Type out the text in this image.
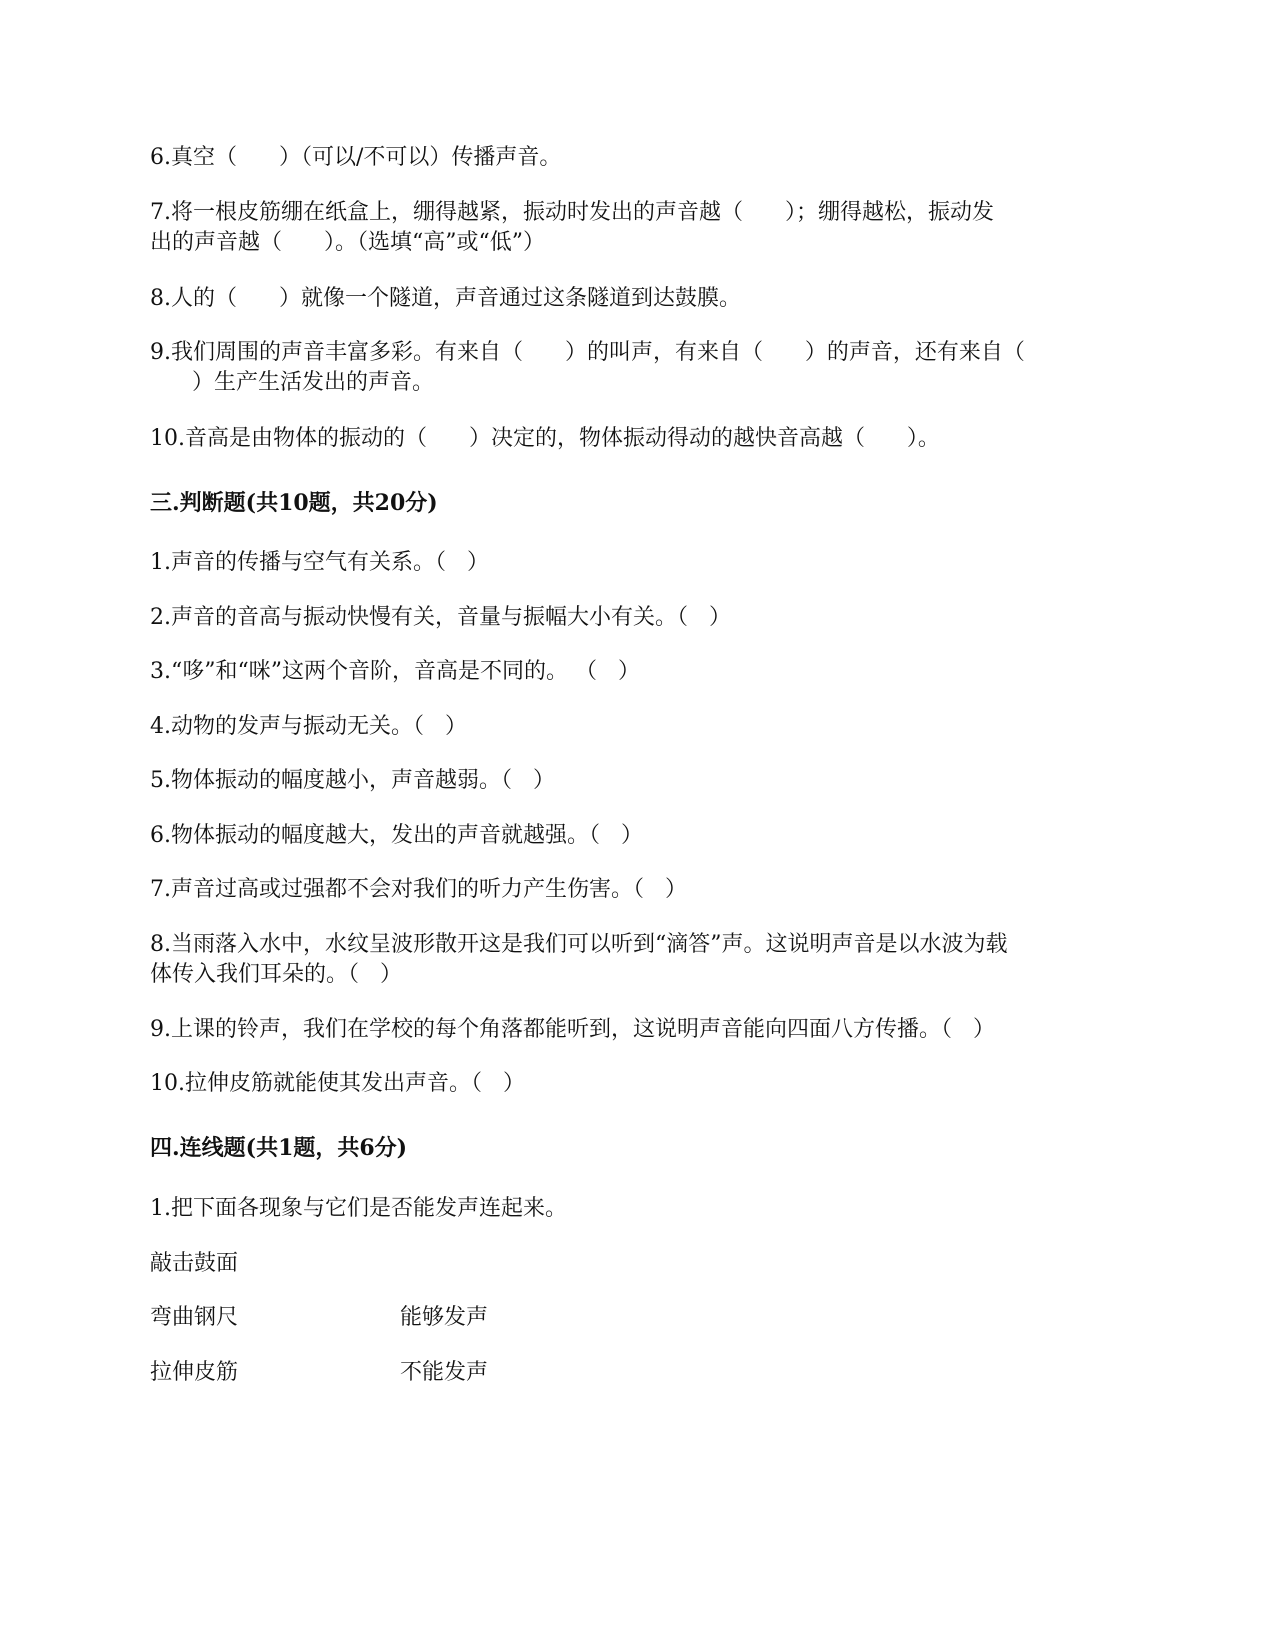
6.真空（      ）（可以/不可以）传播声音。
7.将一根皮筋绷在纸盒上，绷得越紧，振动时发出的声音越（      ）；绷得越松，振动发
出的声音越（      ）。（选填“高”或“低”）
8.人的（      ）就像一个隧道，声音通过这条隧道到达鼓膜。
9.我们周围的声音丰富多彩。有来自（      ）的叫声，有来自（      ）的声音，还有来自（
）生产生活发出的声音。
10.音高是由物体的振动的（      ）决定的，物体振动得动的越快音高越（      ）。
三.判断题(共10题，共20分)
1.声音的传播与空气有关系。（   ）
2.声音的音高与振动快慢有关，音量与振幅大小有关。（   ）
3.“哆”和“咪”这两个音阶，音高是不同的。 （   ）
4.动物的发声与振动无关。（   ）
5.物体振动的幅度越小，声音越弱。（   ）
6.物体振动的幅度越大，发出的声音就越强。（   ）
7.声音过高或过强都不会对我们的听力产生伤害。（   ）
8.当雨落入水中，水纹呈波形散开这是我们可以听到“滴答”声。这说明声音是以水波为载
体传入我们耳朵的。（   ）
9.上课的铃声，我们在学校的每个角落都能听到，这说明声音能向四面八方传播。（   ）
10.拉伸皮筋就能使其发出声音。（   ）
四.连线题(共1题，共6分)
1.把下面各现象与它们是否能发声连起来。
敲击鼓面
弯曲钢尺
拉伸皮筋
能够发声
不能发声
